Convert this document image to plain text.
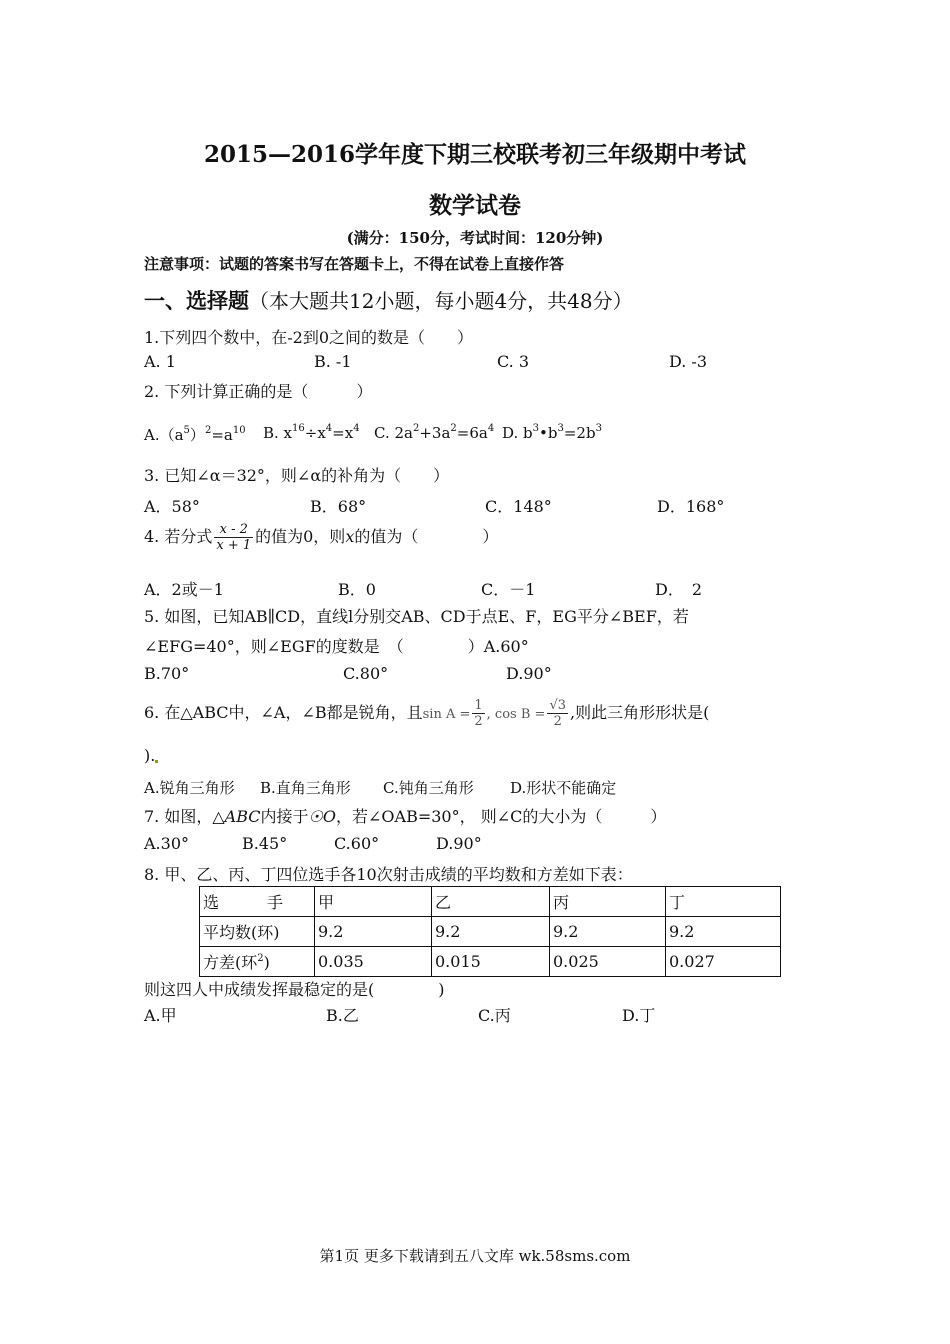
2015—2016学年度下期三校联考初三年级期中考试
数学试卷
(满分：150分，考试时间：120分钟)
注意事项：试题的答案书写在答题卡上，不得在试卷上直接作答
一、选择题（本大题共12小题，每小题4分，共48分）
1.下列四个数中，在-2到0之间的数是（　　）
A. 1	B. -1	C. 3	D. -3
2. 下列计算正确的是（　　　）
$A.(a^5)^2=a^{10}$ B. $x^{16}\div x^4=x^4$ C. $2a^2+3a^2=6a^4$ D. $b^3•b^3=2b^3$
3. 已知∠α＝32°，则∠α的补角为（　　）
A．58°	B．68°	C．148°	D．168°
4. 若分式 $\frac{x - 2}{x + 1}$ 的值为0，则x的值为（　　　　）
A．2或－1	B．0	C．－1	D．　2
5. 如图，已知AB∥CD，直线l分别交AB、CD于点E、F，EG平分∠BEF，若
∠EFG=40°，则∠EGF的度数是　（　　　　）A.60°
B.70°	C.80°	D.90°
6. 在△ABC中，∠A，∠B都是锐角，且$\sin A = \frac{1}{2}$ , $\cos B = \frac{√3}{2}$ ,则此三角形形状是(
).
A.锐角三角形 B.直角三角形 C.钝角三角形 D.形状不能确定
7. 如图，△ABC内接于☉O，若∠OAB=30°， 则∠C的大小为（　　　）
A.30°	B.45°	C.60°	D.90°
8. 甲、乙、丙、丁四位选手各10次射击成绩的平均数和方差如下表：
选　　　手	甲	乙	丙	丁
平均数(环)	9.2	9.2	9.2	9.2
方差(环$^2$)	0.035	0.015	0.025	0.027
则这四人中成绩发挥最稳定的是(　　　　)
A.甲	B.乙	C.丙	D.丁
第1页 更多下载请到五八文库 wk.58sms.com
